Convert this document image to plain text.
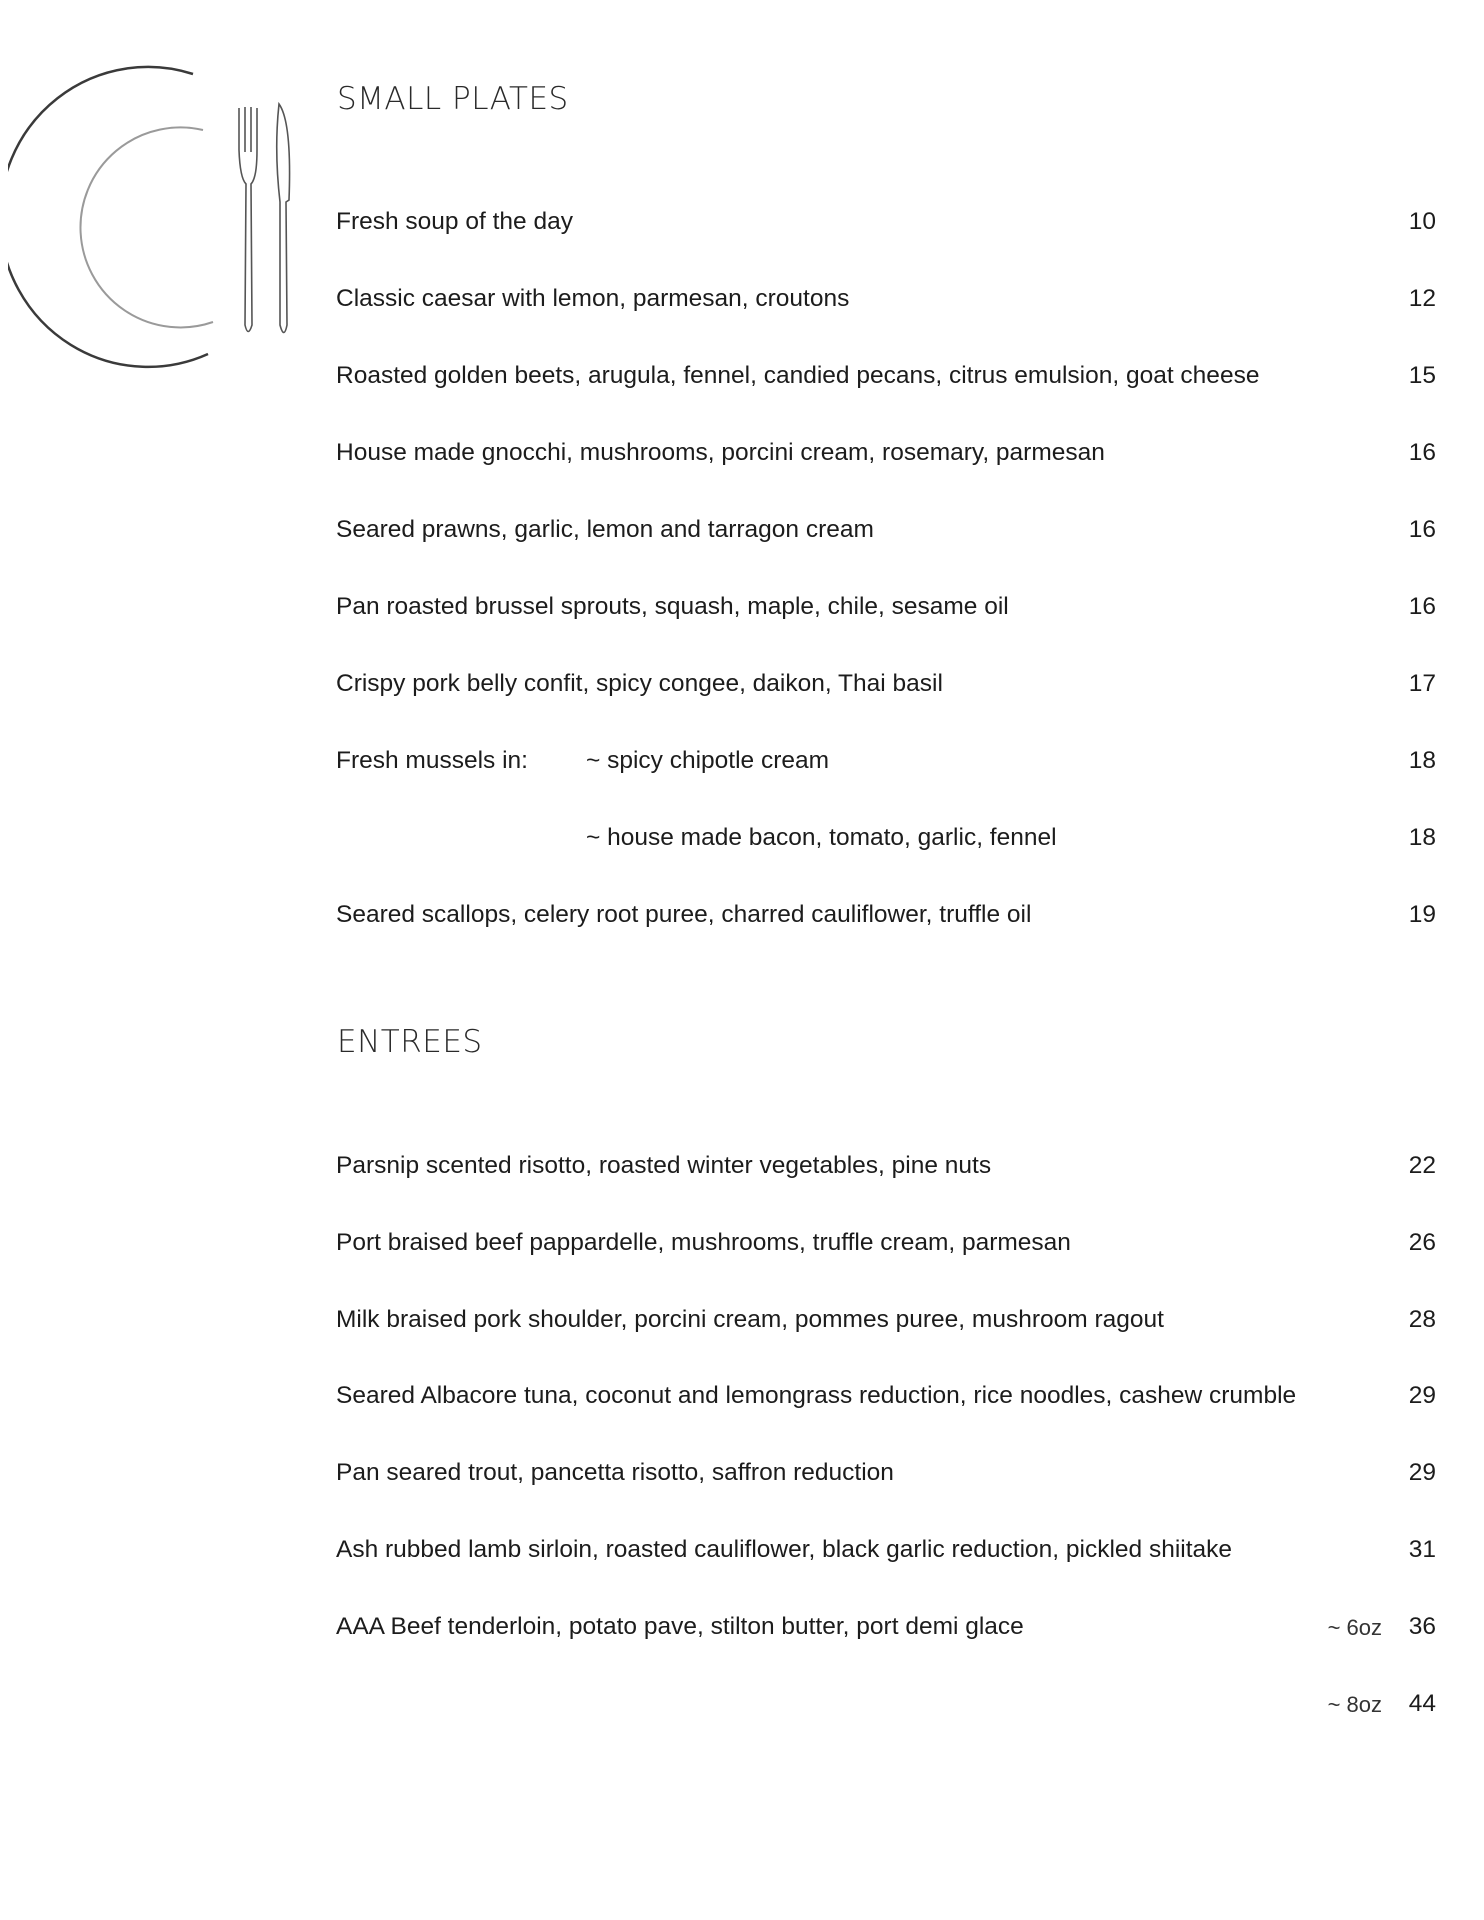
SMALL PLATES
Fresh soup of the day	10
Classic caesar with lemon, parmesan, croutons	12
Roasted golden beets, arugula, fennel, candied pecans, citrus emulsion, goat cheese	15
House made gnocchi, mushrooms, porcini cream, rosemary, parmesan	16
Seared prawns, garlic, lemon and tarragon cream	16
Pan roasted brussel sprouts, squash, maple, chile, sesame oil	16
Crispy pork belly confit, spicy congee, daikon, Thai basil	17
Fresh mussels in: ~ spicy chipotle cream	18
~ house made bacon, tomato, garlic, fennel	18
Seared scallops, celery root puree, charred cauliflower, truffle oil	19
ENTREES
Parsnip scented risotto, roasted winter vegetables, pine nuts	22
Port braised beef pappardelle, mushrooms, truffle cream, parmesan	26
Milk braised pork shoulder, porcini cream, pommes puree, mushroom ragout	28
Seared Albacore tuna, coconut and lemongrass reduction, rice noodles, cashew crumble	29
Pan seared trout, pancetta risotto, saffron reduction	29
Ash rubbed lamb sirloin, roasted cauliflower, black garlic reduction, pickled shiitake	31
AAA Beef tenderloin, potato pave, stilton butter, port demi glace	~ 6oz 36
~ 8oz 44
